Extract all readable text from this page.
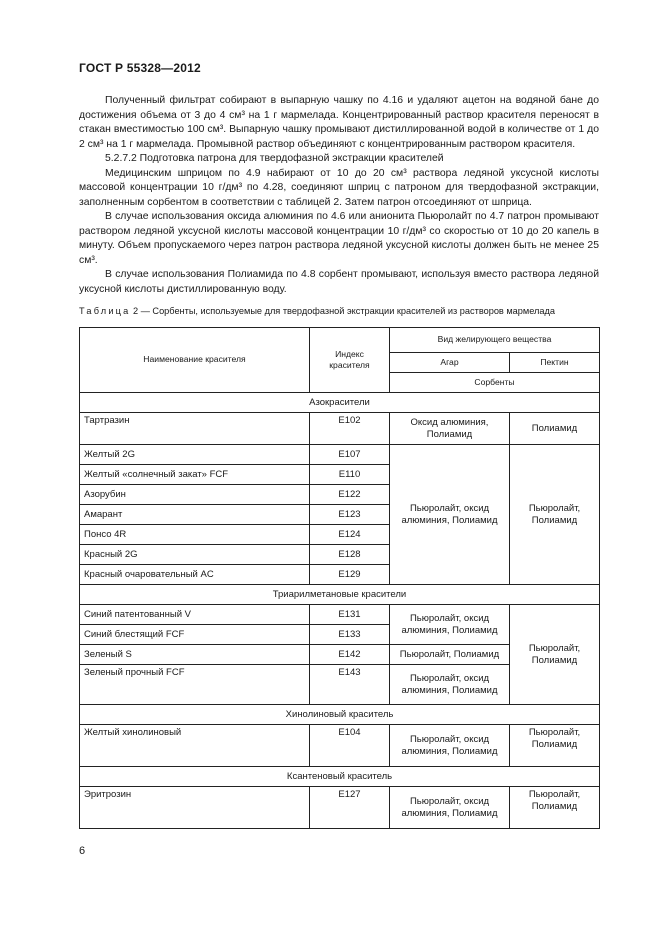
ГОСТ Р 55328—2012

Полученный фильтрат собирают в выпарную чашку по 4.16 и удаляют ацетон на водяной бане до достижения объема от 3 до 4 см³ на 1 г мармелада. Концентрированный раствор красителя переносят в стакан вместимостью 100 см³. Выпарную чашку промывают дистиллированной водой в количестве от 1 до 2 см³ на 1 г мармелада. Промывной раствор объединяют с концентрированным раствором красителя.

5.2.7.2 Подготовка патрона для твердофазной экстракции красителей

Медицинским шприцом по 4.9 набирают от 10 до 20 см³ раствора ледяной уксусной кислоты массовой концентрации 10 г/дм³ по 4.28, соединяют шприц с патроном для твердофазной экстракции, заполненным сорбентом в соответствии с таблицей 2. Затем патрон отсоединяют от шприца.

В случае использования оксида алюминия по 4.6 или анионита Пьюролайт по 4.7 патрон промывают раствором ледяной уксусной кислоты массовой концентрации 10 г/дм³ со скоростью от 10 до 20 капель в минуту. Объем пропускаемого через патрон раствора ледяной уксусной кислоты должен быть не менее 25 см³.

В случае использования Полиамида по 4.8 сорбент промывают, используя вместо раствора ледяной уксусной кислоты дистиллированную воду.

Таблица 2 — Сорбенты, используемые для твердофазной экстракции красителей из растворов мармелада
Наименование красителя	Индекс красителя	Вид желирующего вещества	
		Агар	Пектин
		Сорбенты	
Азокрасители			
Тартразин	E102	Оксид алюминия, Полиамид	Полиамид
Желтый 2G	E107	Пьюролайт, оксид алюминия, Полиамид	Пьюролайт, Полиамид
Желтый «солнечный закат» FCF	E110		
Азорубин	E122		
Амарант	E123		
Понсо 4R	E124		
Красный 2G	E128		
Красный очаровательный AC	E129		
Триарилметановые красители			
Синий патентованный V	E131	Пьюролайт, оксид алюминия, Полиамид	Пьюролайт, Полиамид
Синий блестящий FCF	E133		
Зеленый S	E142	Пьюролайт, Полиамид	
Зеленый прочный FCF	E143	Пьюролайт, оксид алюминия, Полиамид	
Хинолиновый краситель			
Желтый хинолиновый	E104	Пьюролайт, оксид алюминия, Полиамид	Пьюролайт, Полиамид
Ксантеновый краситель			
Эритрозин	E127	Пьюролайт, оксид алюминия, Полиамид	Пьюролайт, Полиамид
6
